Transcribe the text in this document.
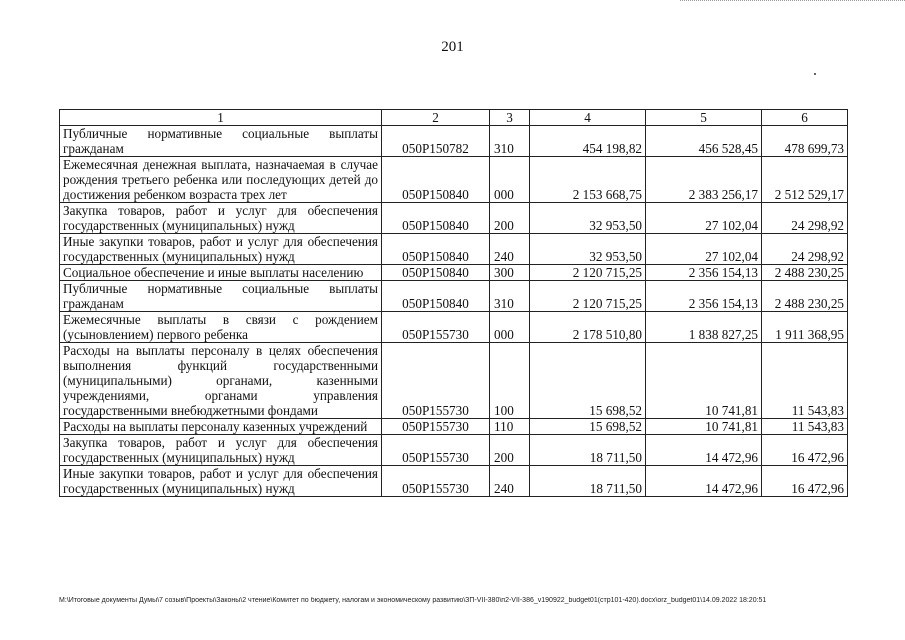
201
1	2	3	4	5	6
Публичные нормативные социальные выплаты гражданам	050P150782	310	454 198,82	456 528,45	478 699,73
Ежемесячная денежная выплата, назначаемая в случае рождения третьего ребенка или последующих детей до достижения ребенком возраста трех лет	050P150840	000	2 153 668,75	2 383 256,17	2 512 529,17
Закупка товаров, работ и услуг для обеспечения государственных (муниципальных) нужд	050P150840	200	32 953,50	27 102,04	24 298,92
Иные закупки товаров, работ и услуг для обеспечения государственных (муниципальных) нужд	050P150840	240	32 953,50	27 102,04	24 298,92
Социальное обеспечение и иные выплаты населению	050P150840	300	2 120 715,25	2 356 154,13	2 488 230,25
Публичные нормативные социальные выплаты гражданам	050P150840	310	2 120 715,25	2 356 154,13	2 488 230,25
Ежемесячные выплаты в связи с рождением (усыновлением) первого ребенка	050P155730	000	2 178 510,80	1 838 827,25	1 911 368,95
Расходы на выплаты персоналу в целях обеспечения выполнения функций государственными (муниципальными) органами, казенными учреждениями, органами управления государственными внебюджетными фондами	050P155730	100	15 698,52	10 741,81	11 543,83
Расходы на выплаты персоналу казенных учреждений	050P155730	110	15 698,52	10 741,81	11 543,83
Закупка товаров, работ и услуг для обеспечения государственных (муниципальных) нужд	050P155730	200	18 711,50	14 472,96	16 472,96
Иные закупки товаров, работ и услуг для обеспечения государственных (муниципальных) нужд	050P155730	240	18 711,50	14 472,96	16 472,96
М:\Итоговые документы Думы\7 созыв\Проекты\Законы\2 чтение\Комитет по бюджету, налогам и экономическому развитию\ЗП-VII-380\п2-VII-386_v190922_budget01(стр101-420).docx\orz_budget01\14.09.2022 18:20:51
